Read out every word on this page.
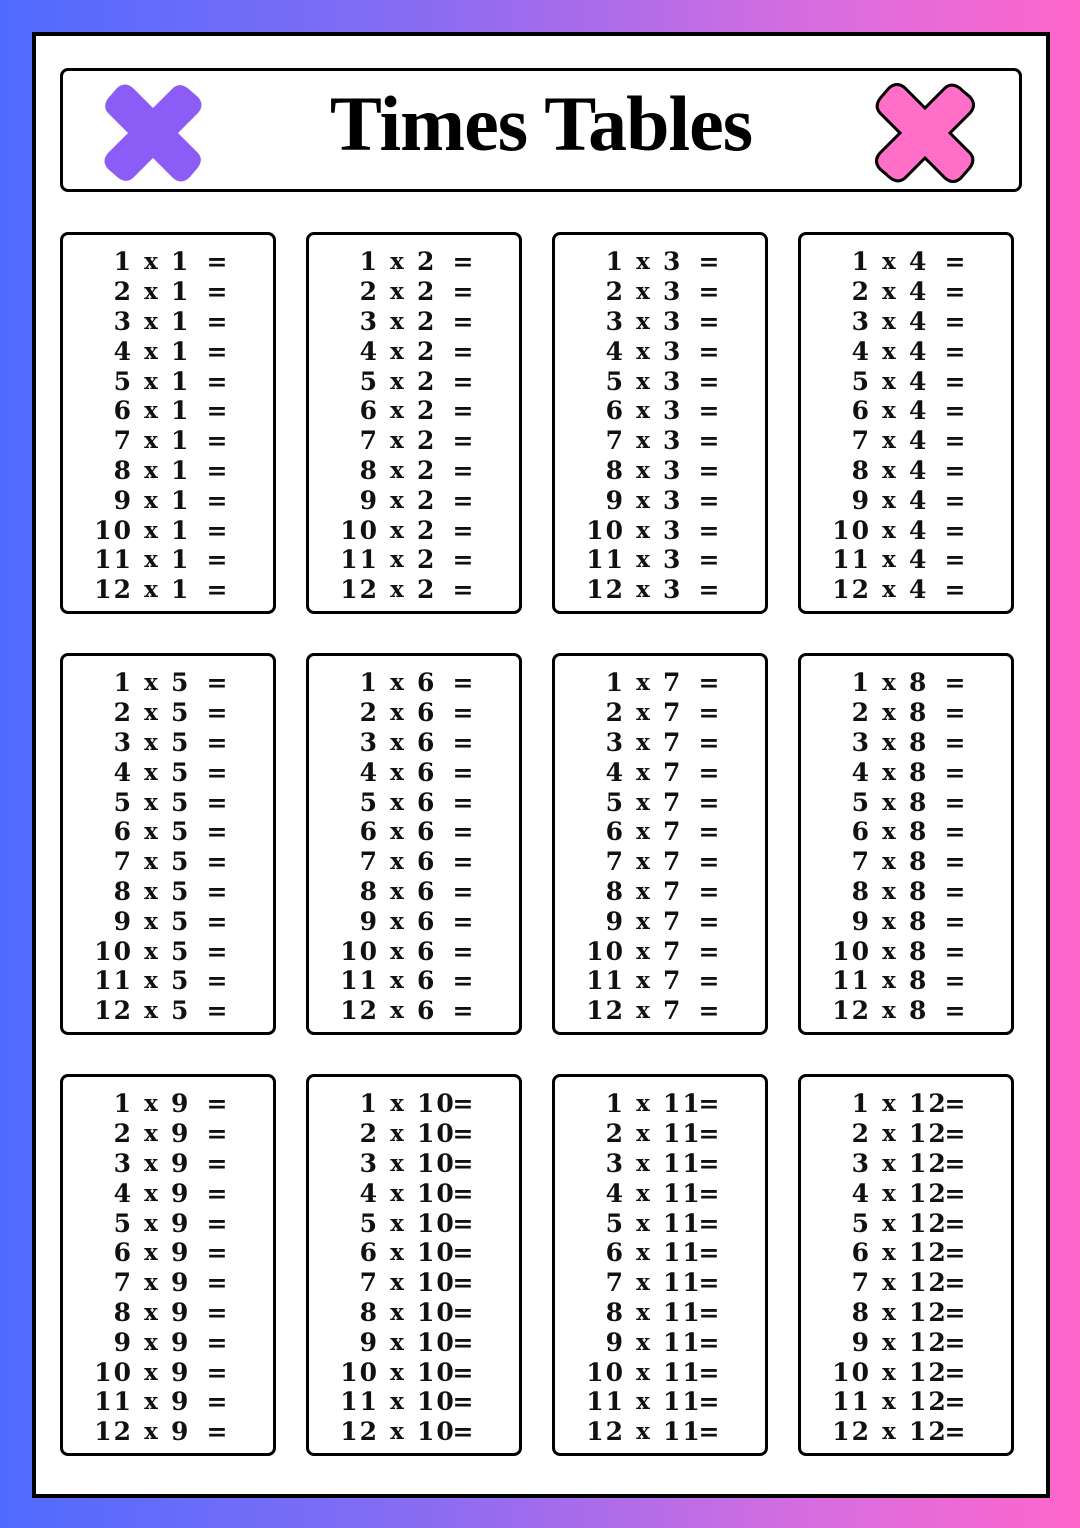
Times Tables
1 x 1 =
2 x 1 =
3 x 1 =
4 x 1 =
5 x 1 =
6 x 1 =
7 x 1 =
8 x 1 =
9 x 1 =
10 x 1 =
11 x 1 =
12 x 1 =
1 x 2 =
2 x 2 =
3 x 2 =
4 x 2 =
5 x 2 =
6 x 2 =
7 x 2 =
8 x 2 =
9 x 2 =
10 x 2 =
11 x 2 =
12 x 2 =
1 x 3 =
2 x 3 =
3 x 3 =
4 x 3 =
5 x 3 =
6 x 3 =
7 x 3 =
8 x 3 =
9 x 3 =
10 x 3 =
11 x 3 =
12 x 3 =
1 x 4 =
2 x 4 =
3 x 4 =
4 x 4 =
5 x 4 =
6 x 4 =
7 x 4 =
8 x 4 =
9 x 4 =
10 x 4 =
11 x 4 =
12 x 4 =
1 x 5 =
2 x 5 =
3 x 5 =
4 x 5 =
5 x 5 =
6 x 5 =
7 x 5 =
8 x 5 =
9 x 5 =
10 x 5 =
11 x 5 =
12 x 5 =
1 x 6 =
2 x 6 =
3 x 6 =
4 x 6 =
5 x 6 =
6 x 6 =
7 x 6 =
8 x 6 =
9 x 6 =
10 x 6 =
11 x 6 =
12 x 6 =
1 x 7 =
2 x 7 =
3 x 7 =
4 x 7 =
5 x 7 =
6 x 7 =
7 x 7 =
8 x 7 =
9 x 7 =
10 x 7 =
11 x 7 =
12 x 7 =
1 x 8 =
2 x 8 =
3 x 8 =
4 x 8 =
5 x 8 =
6 x 8 =
7 x 8 =
8 x 8 =
9 x 8 =
10 x 8 =
11 x 8 =
12 x 8 =
1 x 9 =
2 x 9 =
3 x 9 =
4 x 9 =
5 x 9 =
6 x 9 =
7 x 9 =
8 x 9 =
9 x 9 =
10 x 9 =
11 x 9 =
12 x 9 =
1 x 10
=
2 x 10
=
3 x 10
=
4 x 10
=
5 x 10
=
6 x 10
=
7 x 10
=
8 x 10
=
9 x 10
=
10 x 10
=
11 x 10
=
12 x 10
=
1 x 11
=
2 x 11
=
3 x 11
=
4 x 11
=
5 x 11
=
6 x 11
=
7 x 11
=
8 x 11
=
9 x 11
=
10 x 11
=
11 x 11
=
12 x 11
=
1 x 12
=
2 x 12
=
3 x 12
=
4 x 12
=
5 x 12
=
6 x 12
=
7 x 12
=
8 x 12
=
9 x 12
=
10 x 12
=
11 x 12
=
12 x 12
=
